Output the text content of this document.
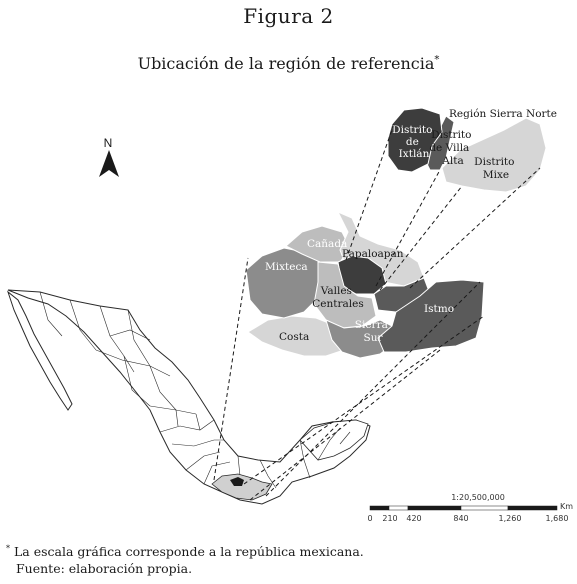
Figura 2
Ubicación de la región de referencia*
N
Región Sierra Norte
Distrito de Ixtlán
Distrito de Villa Alta Distrito Mixe
Cañada
Papaloapan
Mixteca
Valles Centrales	Istmo
Costa
Sierra Sur
1:20,500,000
Km
0 210 420	840	1,260	1,680
* La escala gráfica corresponde a la república mexicana.
Fuente: elaboración propia.
